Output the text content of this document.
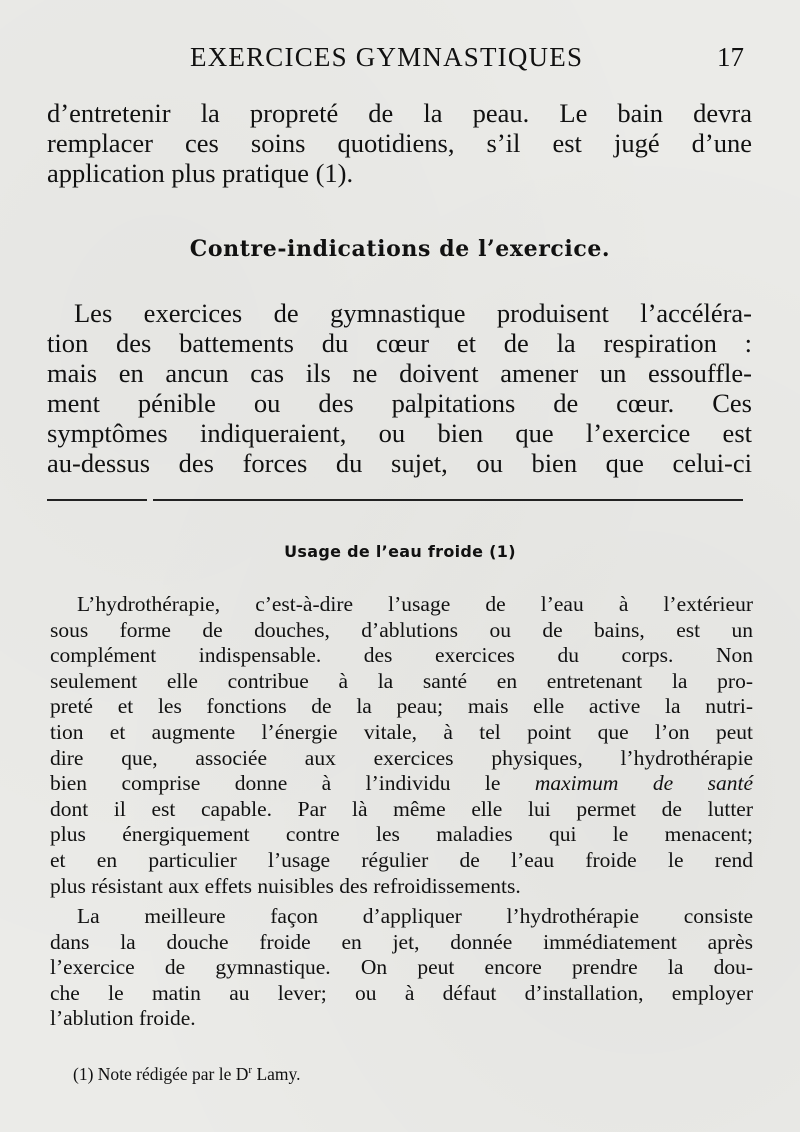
EXERCICES GYMNASTIQUES	17
d’entretenir la propreté de la peau. Le bain devra
remplacer ces soins quotidiens, s’il est jugé d’une
application plus pratique (1).
Contre-indications de l’exercice.
Les exercices de gymnastique produisent l’accéléra-
tion des battements du cœur et de la respiration :
mais en ancun cas ils ne doivent amener un essouffle-
ment pénible ou des palpitations de cœur. Ces
symptômes indiqueraient, ou bien que l’exercice est
au-dessus des forces du sujet, ou bien que celui-ci
Usage de l’eau froide (1)
L’hydrothérapie, c’est-à-dire l’usage de l’eau à l’extérieur
sous forme de douches, d’ablutions ou de bains, est un
complément indispensable. des exercices du corps. Non
seulement elle contribue à la santé en entretenant la pro-
preté et les fonctions de la peau; mais elle active la nutri-
tion et augmente l’énergie vitale, à tel point que l’on peut
dire que, associée aux exercices physiques, l’hydrothérapie
bien comprise donne à l’individu le maximum de santé
dont il est capable. Par là même elle lui permet de lutter
plus énergiquement contre les maladies qui le menacent;
et en particulier l’usage régulier de l’eau froide le rend
plus résistant aux effets nuisibles des refroidissements.
La meilleure façon d’appliquer l’hydrothérapie consiste
dans la douche froide en jet, donnée immédiatement après
l’exercice de gymnastique. On peut encore prendre la dou-
che le matin au lever; ou à défaut d’installation, employer
l’ablution froide.
(1) Note rédigée par le $D^r$ Lamy.
